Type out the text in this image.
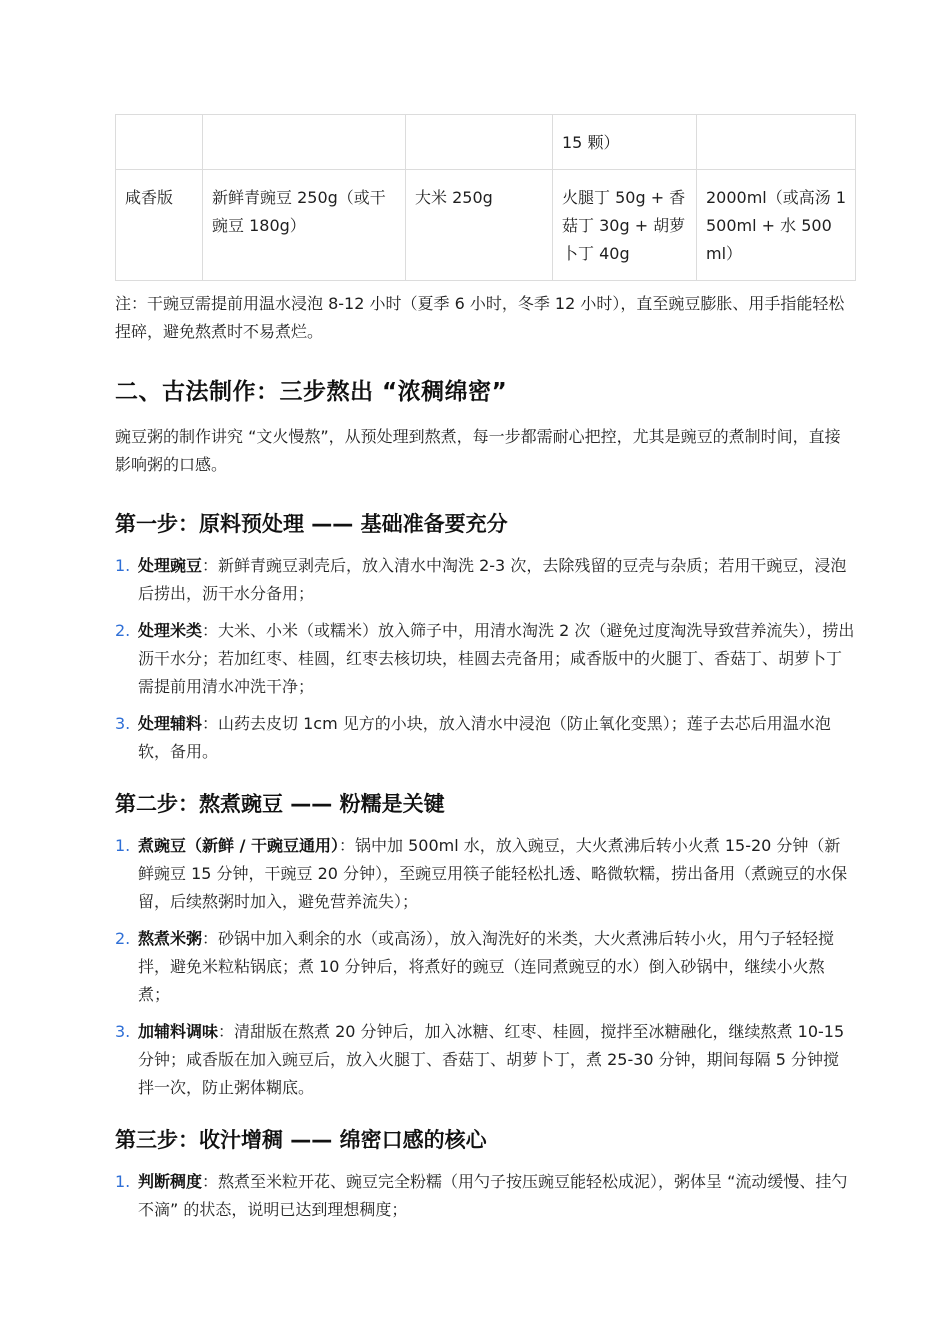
			15 颗）	
咸香版	新鲜青豌豆 250g（或干豌豆 180g）	大米 250g	火腿丁 50g + 香菇丁 30g + 胡萝卜丁 40g	2000ml（或高汤 1500ml + 水 500ml）
注：干豌豆需提前用温水浸泡 8-12 小时（夏季 6 小时，冬季 12 小时），直至豌豆膨胀、用手指能轻松捏碎，避免熬煮时不易煮烂。
二、古法制作：三步熬出 “浓稠绵密”

豌豆粥的制作讲究 “文火慢熬”，从预处理到熬煮，每一步都需耐心把控，尤其是豌豆的煮制时间，直接影响粥的口感。

第一步：原料预处理 —— 基础准备要充分
1. 处理豌豆：新鲜青豌豆剥壳后，放入清水中淘洗 2-3 次，去除残留的豆壳与杂质；若用干豌豆，浸泡后捞出，沥干水分备用；
2. 处理米类：大米、小米（或糯米）放入筛子中，用清水淘洗 2 次（避免过度淘洗导致营养流失），捞出沥干水分；若加红枣、桂圆，红枣去核切块，桂圆去壳备用；咸香版中的火腿丁、香菇丁、胡萝卜丁需提前用清水冲洗干净；
3. 处理辅料：山药去皮切 1cm 见方的小块，放入清水中浸泡（防止氧化变黑）；莲子去芯后用温水泡软，备用。
第二步：熬煮豌豆 —— 粉糯是关键
1. 煮豌豆（新鲜 / 干豌豆通用）：锅中加 500ml 水，放入豌豆，大火煮沸后转小火煮 15-20 分钟（新鲜豌豆 15 分钟，干豌豆 20 分钟），至豌豆用筷子能轻松扎透、略微软糯，捞出备用（煮豌豆的水保留，后续熬粥时加入，避免营养流失）；
2. 熬煮米粥：砂锅中加入剩余的水（或高汤），放入淘洗好的米类，大火煮沸后转小火，用勺子轻轻搅拌，避免米粒粘锅底；煮 10 分钟后，将煮好的豌豆（连同煮豌豆的水）倒入砂锅中，继续小火熬煮；
3. 加辅料调味：清甜版在熬煮 20 分钟后，加入冰糖、红枣、桂圆，搅拌至冰糖融化，继续熬煮 10-15 分钟；咸香版在加入豌豆后，放入火腿丁、香菇丁、胡萝卜丁，煮 25-30 分钟，期间每隔 5 分钟搅拌一次，防止粥体糊底。
第三步：收汁增稠 —— 绵密口感的核心
1. 判断稠度：熬煮至米粒开花、豌豆完全粉糯（用勺子按压豌豆能轻松成泥），粥体呈 “流动缓慢、挂勺不滴” 的状态，说明已达到理想稠度；
